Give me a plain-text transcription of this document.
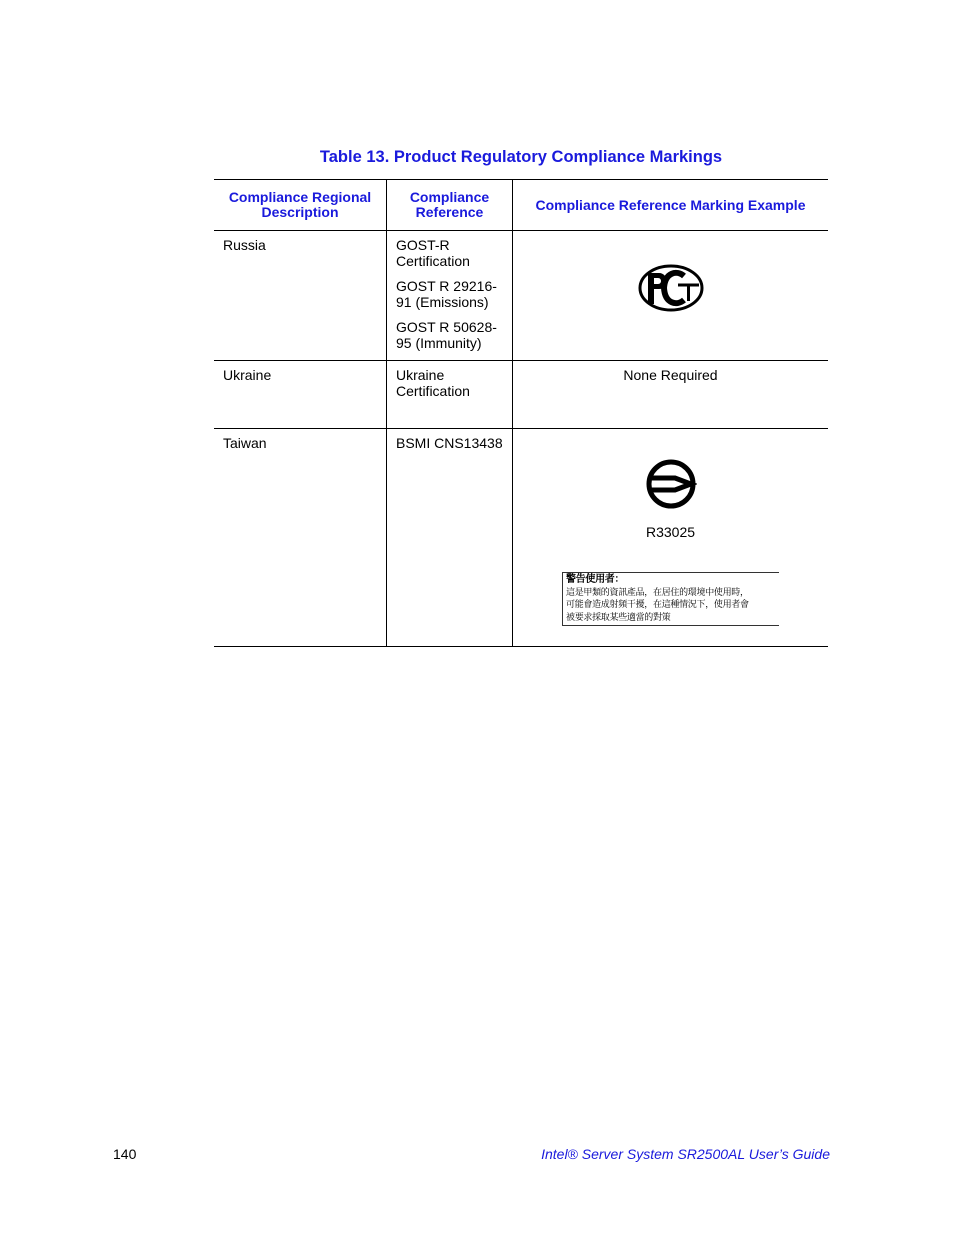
Table 13. Product Regulatory Compliance Markings
Compliance Regional Description	Compliance Reference	Compliance Reference Marking Example
Russia	GOST-R Certification

GOST R 29216-91 (Emissions)

GOST R 50628-95 (Immunity)

Ukraine	Ukraine Certification	None Required
Taiwan	BSMI CNS13438	R33025
警告使用者：
這是甲類的資訊產品，在居住的環境中使用時，
可能會造成射頻干擾，在這種情況下，使用者會
被要求採取某些適當的對策
140	Intel® Server System SR2500AL User’s Guide
